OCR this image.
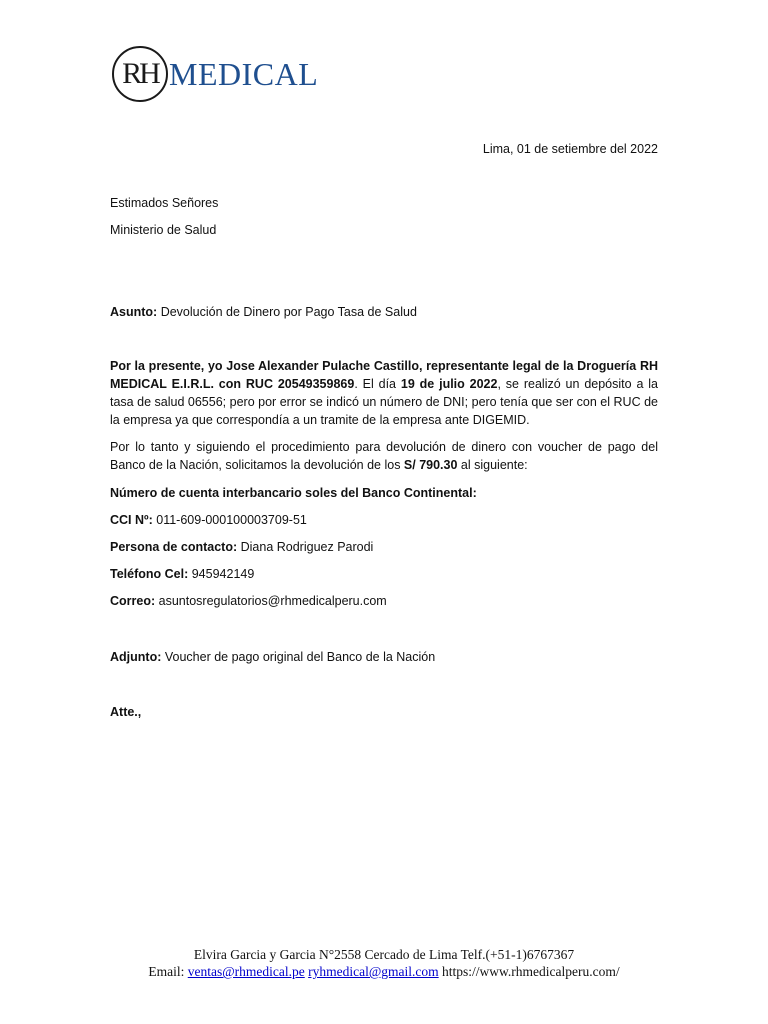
RH MEDICAL
Lima, 01 de setiembre del 2022
Estimados Señores
Ministerio de Salud
Asunto: Devolución de Dinero por Pago Tasa de Salud
Por la presente, yo Jose Alexander Pulache Castillo, representante legal de la Droguería RH MEDICAL E.I.R.L. con RUC 20549359869. El día 19 de julio 2022, se realizó un depósito a la tasa de salud 06556; pero por error se indicó un número de DNI; pero tenía que ser con el RUC de la empresa ya que correspondía a un tramite de la empresa ante DIGEMID.
Por lo tanto y siguiendo el procedimiento para devolución de dinero con voucher de pago del Banco de la Nación, solicitamos la devolución de los S/ 790.30 al siguiente:
Número de cuenta interbancario soles del Banco Continental:
CCI Nº: 011-609-000100003709-51
Persona de contacto: Diana Rodriguez Parodi
Teléfono Cel: 945942149
Correo: asuntosregulatorios@rhmedicalperu.com
Adjunto: Voucher de pago original del Banco de la Nación
Atte.,
Elvira Garcia y Garcia N°2558 Cercado de Lima Telf.(+51-1)6767367
Email: ventas@rhmedical.pe ryhmedical@gmail.com https://www.rhmedicalperu.com/
